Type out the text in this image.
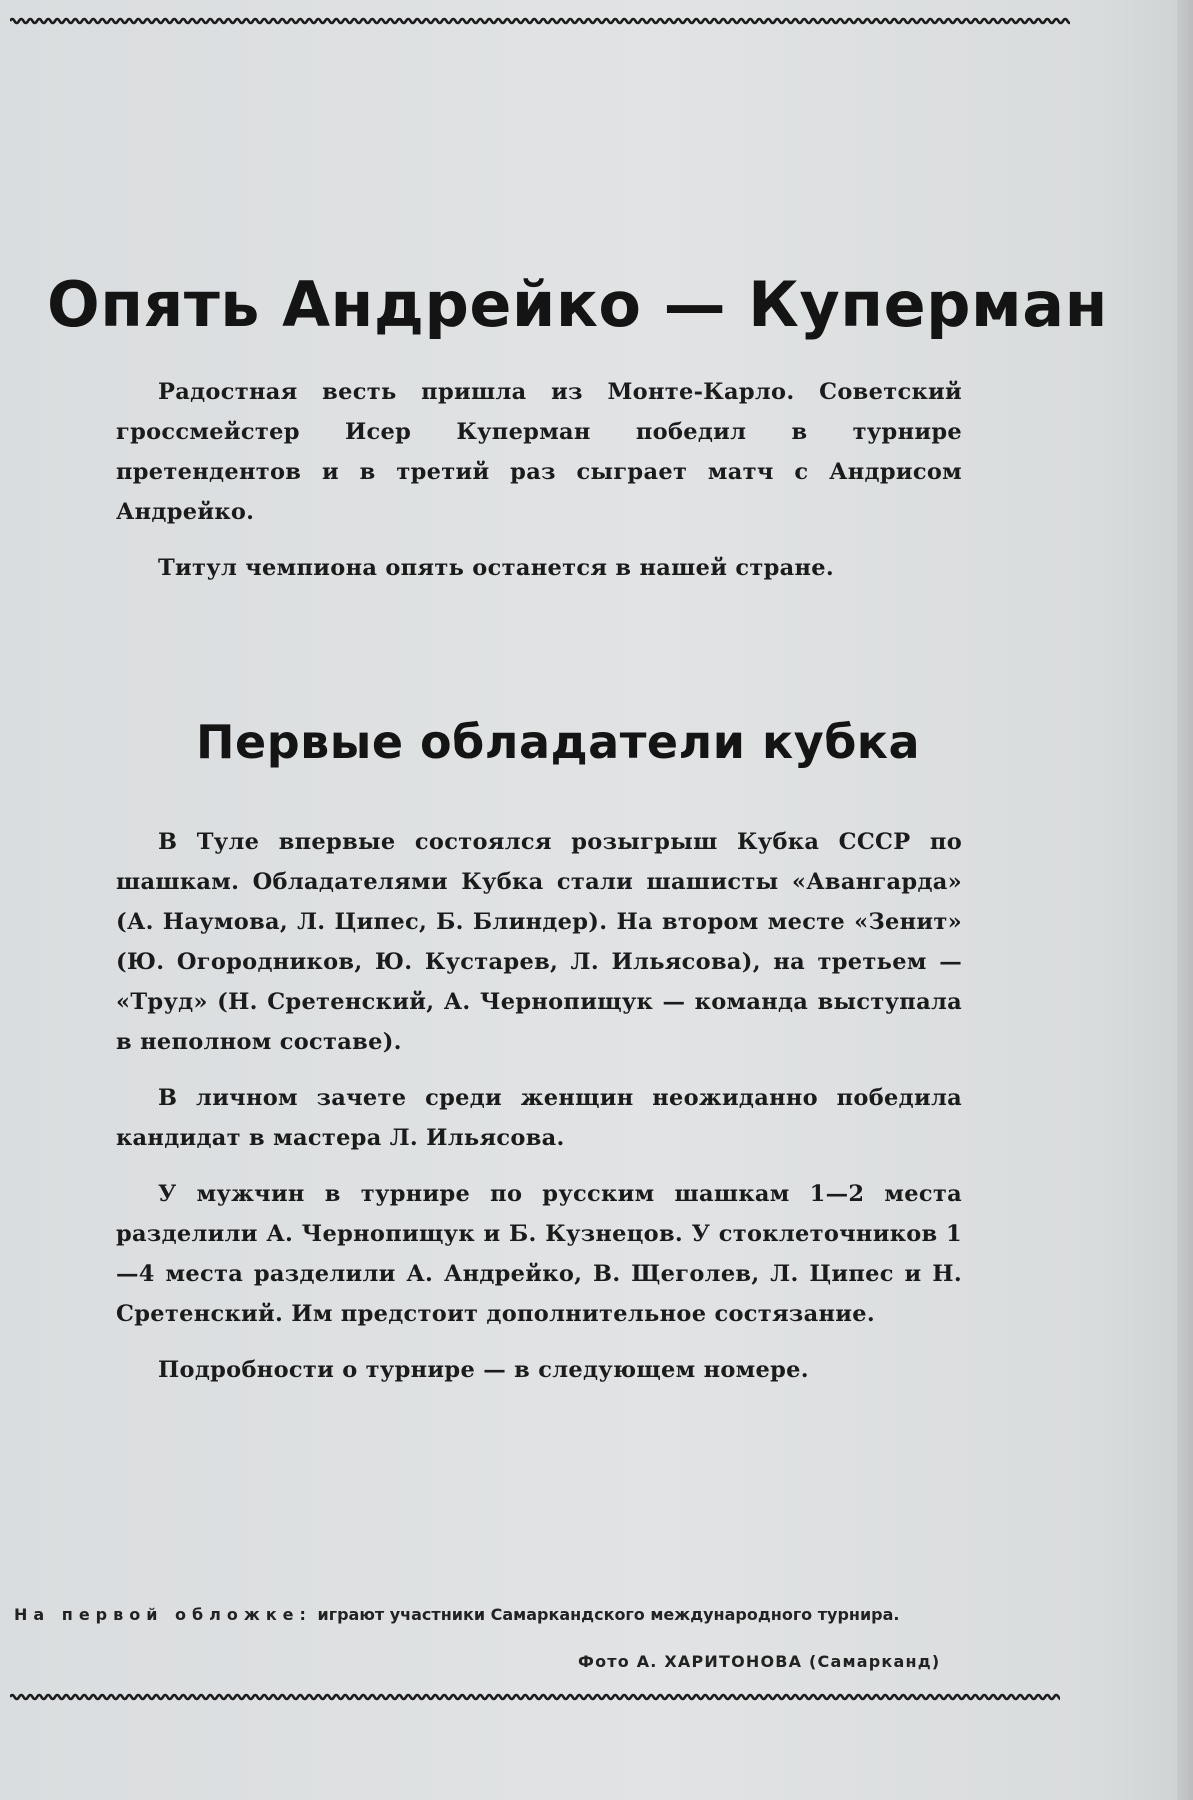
Опять Андрейко — Куперман

Радостная весть пришла из Монте-Карло. Советский гроссмейстер Исер Куперман победил в турнире претендентов и в третий раз сыграет матч с Андрисом Андрейко.

Титул чемпиона опять останется в нашей стране.

Первые обладатели кубка

В Туле впервые состоялся розыгрыш Кубка СССР по шашкам. Обладателями Кубка стали шашисты «Авангарда» (А. Наумова, Л. Ципес, Б. Блиндер). На втором месте «Зенит» (Ю. Огородников, Ю. Кустарев, Л. Ильясова), на третьем — «Труд» (Н. Сретенский, А. Чернопищук — команда выступала в неполном составе).

В личном зачете среди женщин неожиданно победила кандидат в мастера Л. Ильясова.

У мужчин в турнире по русским шашкам 1—2 места разделили А. Чернопищук и Б. Кузнецов. У стоклеточников 1—4 места разделили А. Андрейко, В. Щеголев, Л. Ципес и Н. Сретенский. Им предстоит дополнительное состязание.

Подробности о турнире — в следующем номере.

На первой обложке: играют участники Самаркандского международного турнира.
Фото А. ХАРИТОНОВА (Самарканд)
